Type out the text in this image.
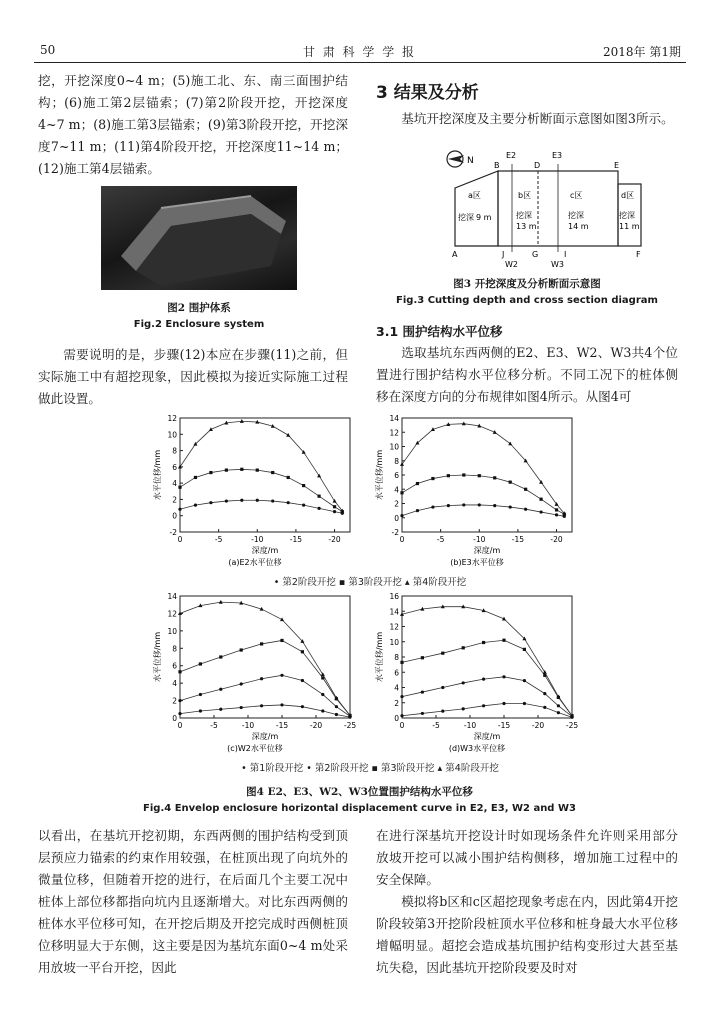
50	甘 肃 科 学 学 报	2018年 第1期
挖，开挖深度0~4 m；(5)施工北、东、南三面围护结构；(6)施工第2层锚索；(7)第2阶段开挖，开挖深度4~7 m；(8)施工第3层锚索；(9)第3阶段开挖，开挖深度7~11 m；(11)第4阶段开挖，开挖深度11~14 m；(12)施工第4层锚索。
图2 围护体系
Fig.2 Enclosure system
需要说明的是，步骤(12)本应在步骤(11)之前，但实际施工中有超挖现象，因此模拟为接近实际施工过程做此设置。
3 结果及分析
基坑开挖深度及主要分析断面示意图如图3所示。
N	B
E2
D
E3
E
A	J
W2
G
W3
I	F
a区
挖深 9 m
b区
挖深
13 m
c区
挖深
14 m
d区
挖深
11 m
图3 开挖深度及分析断面示意图
Fig.3 Cutting depth and cross section diagram
3.1 围护结构水平位移
选取基坑东西两侧的E2、E3、W2、W3共4个位置进行围护结构水平位移分析。不同工况下的桩体侧移在深度方向的分布规律如图4所示。从图4可
-2
0
2
4
6
8
10
12
0	-5	-10	-15	-20
深度/m
水平位移/mm
(a)E2水平位移
-2
0
2
4
6
8
10
12
14
0	-5	-10	-15	-20
深度/m
水平位移/mm
(b)E3水平位移
• 第2阶段开挖 ▪ 第3阶段开挖 ▴ 第4阶段开挖
0
2
4
6
8
10
12
14
0	-5	-10	-15	-20	-25
深度/m
水平位移/mm
(c)W2水平位移
0
2
4
6
8
10
12
14
16
0	-5	-10	-15	-20	-25
深度/m
水平位移/mm
(d)W3水平位移
• 第1阶段开挖 • 第2阶段开挖 ▪ 第3阶段开挖 ▴ 第4阶段开挖
图4 E2、E3、W2、W3位置围护结构水平位移
Fig.4 Envelop enclosure horizontal displacement curve in E2, E3, W2 and W3
以看出，在基坑开挖初期，东西两侧的围护结构受到顶层预应力锚索的约束作用较强，在桩顶出现了向坑外的微量位移，但随着开挖的进行，在后面几个主要工况中桩体上部位移都指向坑内且逐渐增大。对比东西两侧的桩体水平位移可知，在开挖后期及开挖完成时西侧桩顶位移明显大于东侧，这主要是因为基坑东面0~4 m处采用放坡一平台开挖，因此
在进行深基坑开挖设计时如现场条件允许则采用部分放坡开挖可以减小围护结构侧移，增加施工过程中的安全保障。
模拟将b区和c区超挖现象考虑在内，因此第4开挖阶段较第3开挖阶段桩顶水平位移和桩身最大水平位移增幅明显。超挖会造成基坑围护结构变形过大甚至基坑失稳，因此基坑开挖阶段要及时对
